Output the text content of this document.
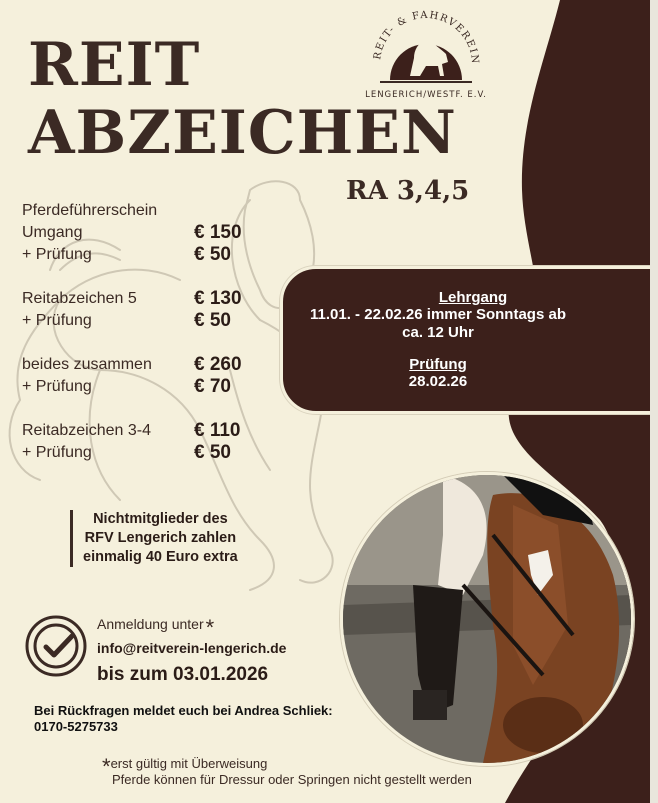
REIT
ABZEICHEN
REIT- & FAHRVEREIN
LENGERICH/WESTF. E.V.
RA 3,4,5
Pferdeführerschein
Umgang	€ 150
+ Prüfung	€ 50
Reitabzeichen 5	€ 130
+ Prüfung	€ 50
beides zusammen € 260
+ Prüfung	€ 70
Reitabzeichen 3-4 € 110
+ Prüfung	€ 50
Lehrgang
11.01. - 22.02.26 immer Sonntags ab
ca. 12 Uhr
Prüfung
28.02.26
Nichtmitglieder des
RFV Lengerich zahlen
einmalig 40 Euro extra
Anmeldung unter*
info@reitverein-lengerich.de
bis zum 03.01.2026
Bei Rückfragen meldet euch bei Andrea Schliek:
0170-5275733
*erst gültig mit Überweisung
Pferde können für Dressur oder Springen nicht gestellt werden
